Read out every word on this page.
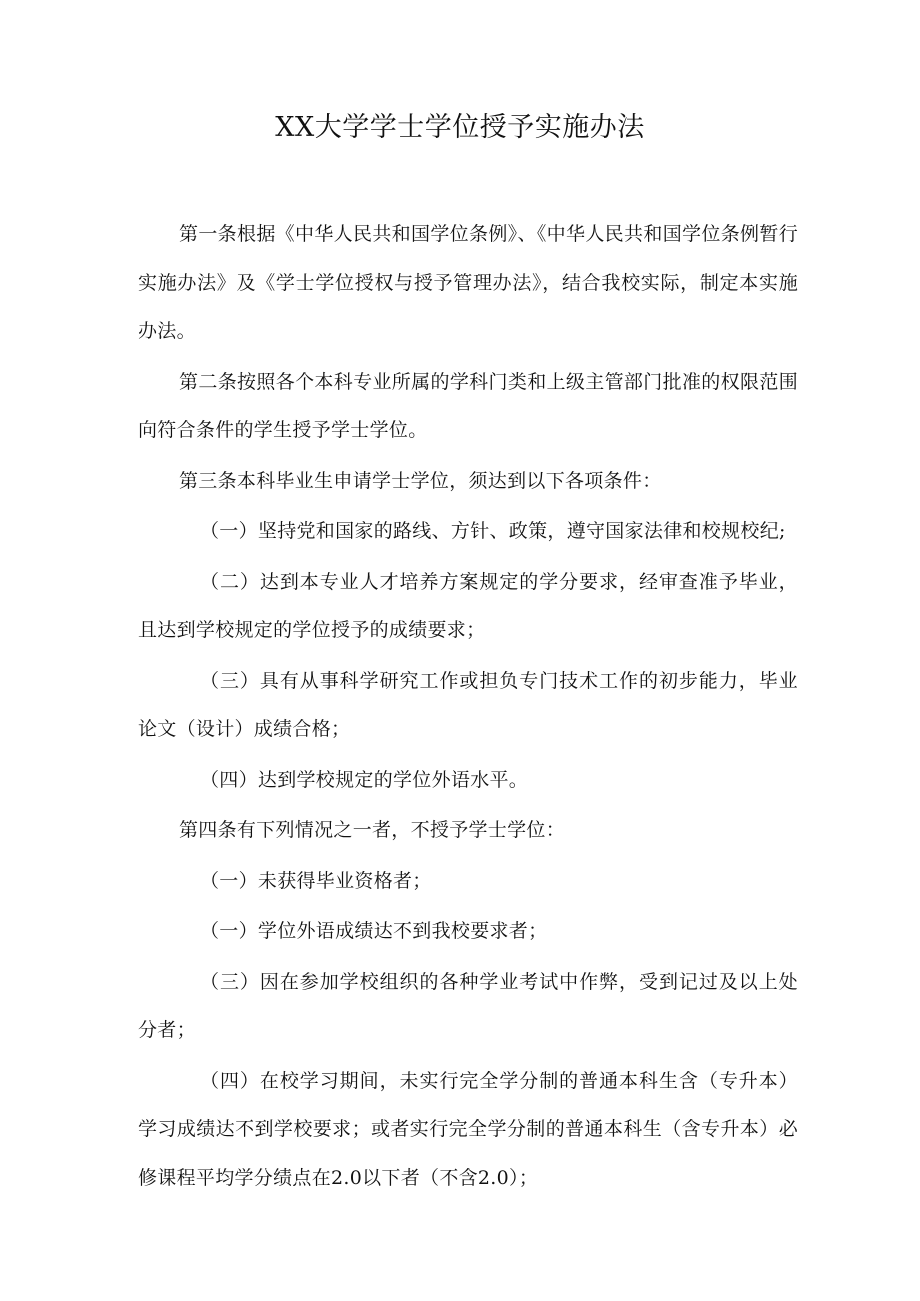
XX大学学士学位授予实施办法

第一条根据《中华人民共和国学位条例》、《中华人民共和国学位条例暂行实施办法》及《学士学位授权与授予管理办法》，结合我校实际，制定本实施办法。

第二条按照各个本科专业所属的学科门类和上级主管部门批准的权限范围向符合条件的学生授予学士学位。

第三条本科毕业生申请学士学位，须达到以下各项条件：

（一）坚持党和国家的路线、方针、政策，遵守国家法律和校规校纪;

（二）达到本专业人才培养方案规定的学分要求，经审查准予毕业，且达到学校规定的学位授予的成绩要求；

（三）具有从事科学研究工作或担负专门技术工作的初步能力，毕业论文（设计）成绩合格；

（四）达到学校规定的学位外语水平。

第四条有下列情况之一者，不授予学士学位：

（一）未获得毕业资格者；

（一）学位外语成绩达不到我校要求者；

（三）因在参加学校组织的各种学业考试中作弊，受到记过及以上处分者；

（四）在校学习期间，未实行完全学分制的普通本科生含（专升本）学习成绩达不到学校要求；或者实行完全学分制的普通本科生（含专升本）必修课程平均学分绩点在2.0以下者（不含2.0）；
